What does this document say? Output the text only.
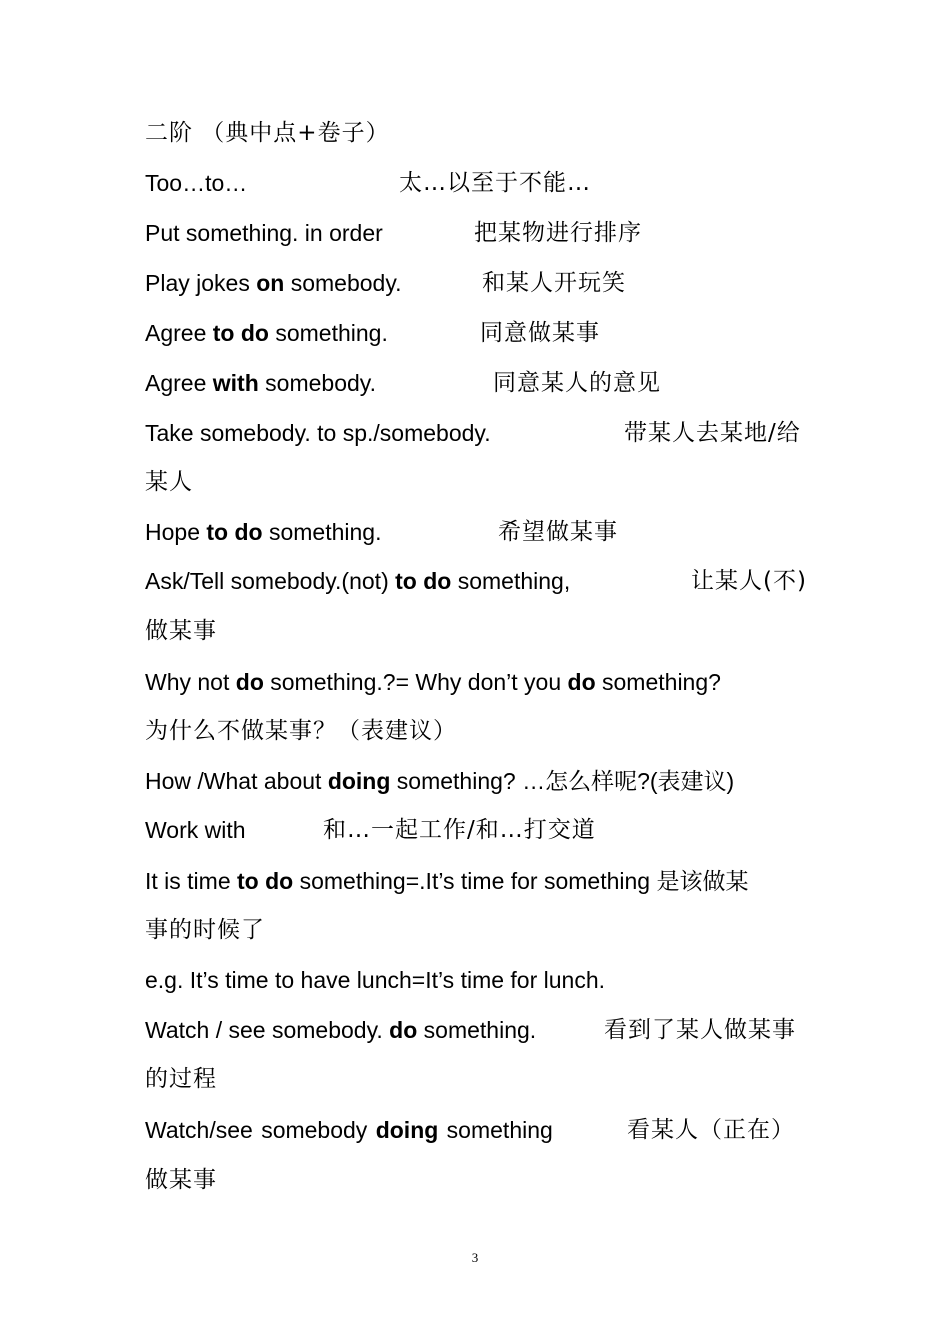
二阶 （典中点+卷子）
Too…to…	太…以至于不能…
Put something. in order	把某物进行排序
Play jokes on somebody.	和某人开玩笑
Agree to do something.	同意做某事
Agree with somebody.	同意某人的意见
Take somebody. to sp./somebody.	带某人去某地/给
某人
Hope to do something.	希望做某事
Ask/Tell somebody.(not) to do something,	让某人(不)
做某事
Why not do something.?= Why don’t you do something?
为什么不做某事？（表建议）
How /What about doing something? …怎么样呢?(表建议)
Work with	和…一起工作/和…打交道
It is time to do something=.It’s time for something 是该做某
事的时候了
e.g. It’s time to have lunch=It’s time for lunch.
Watch / see somebody. do something.	看到了某人做某事
的过程
Watch/see somebody doing something	看某人（正在）
做某事
3
